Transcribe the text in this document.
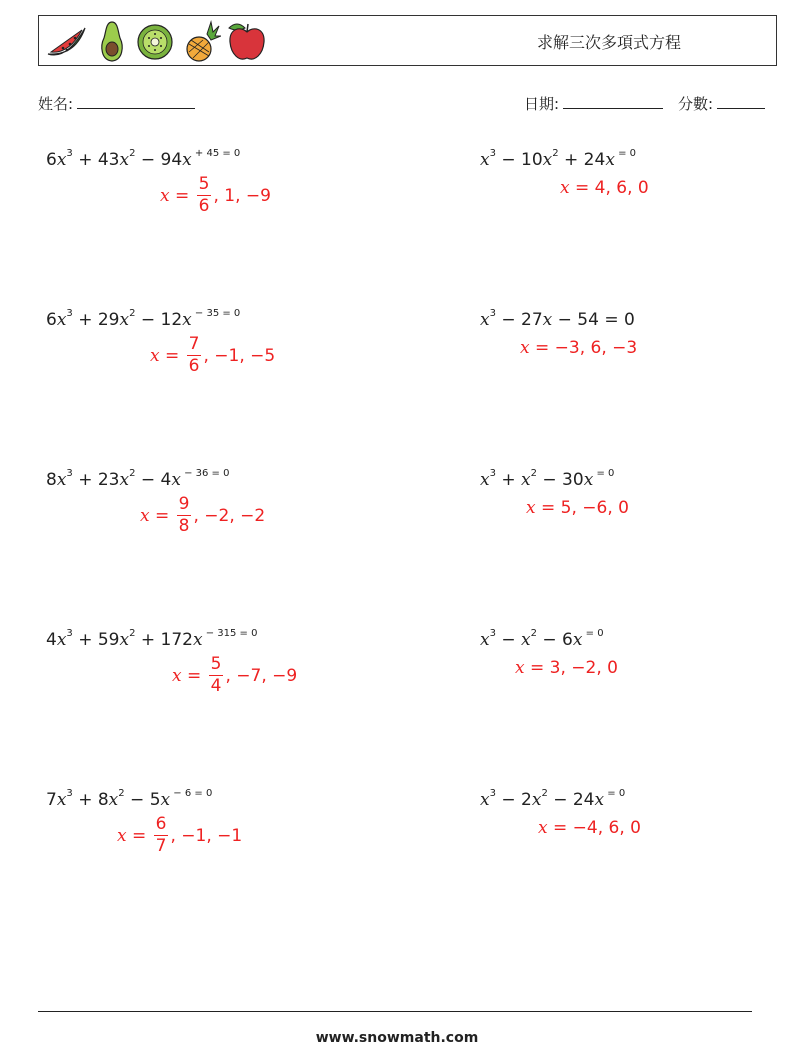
求解三次多項式方程
姓名:	日期:	分數:
$6x^3 + 43x^2 - 94x$ $^{+ 45 = 0}$
$x = \frac{5}{6}$ , 1, −9
$x^3 - 10x^2 + 24x$ $^{= 0}$
x = 4, 6, 0
$6x^3 + 29x^2 - 12x$ $^{- 35 = 0}$
$x = \frac{7}{6}$ , −1, −5
$x^3 - 27x - 54 = 0$
x = −3, 6, −3
$8x^3 + 23x^2 - 4x$ $^{- 36 = 0}$
$x = \frac{9}{8}$ , −2, −2
$x^3 + x^2 - 30x$ $^{= 0}$
x = 5, −6, 0
$4x^3 + 59x^2 + 172x$ $^{- 315 = 0}$
$x = \frac{5}{4}$ , −7, −9
$x^3 - x^2 - 6x$ $^{= 0}$
x = 3, −2, 0
$7x^3 + 8x^2 - 5x$ $^{- 6 = 0}$
$x = \frac{6}{7}$ , −1, −1
$x^3 - 2x^2 - 24x$ $^{= 0}$
x = −4, 6, 0
www.snowmath.com
